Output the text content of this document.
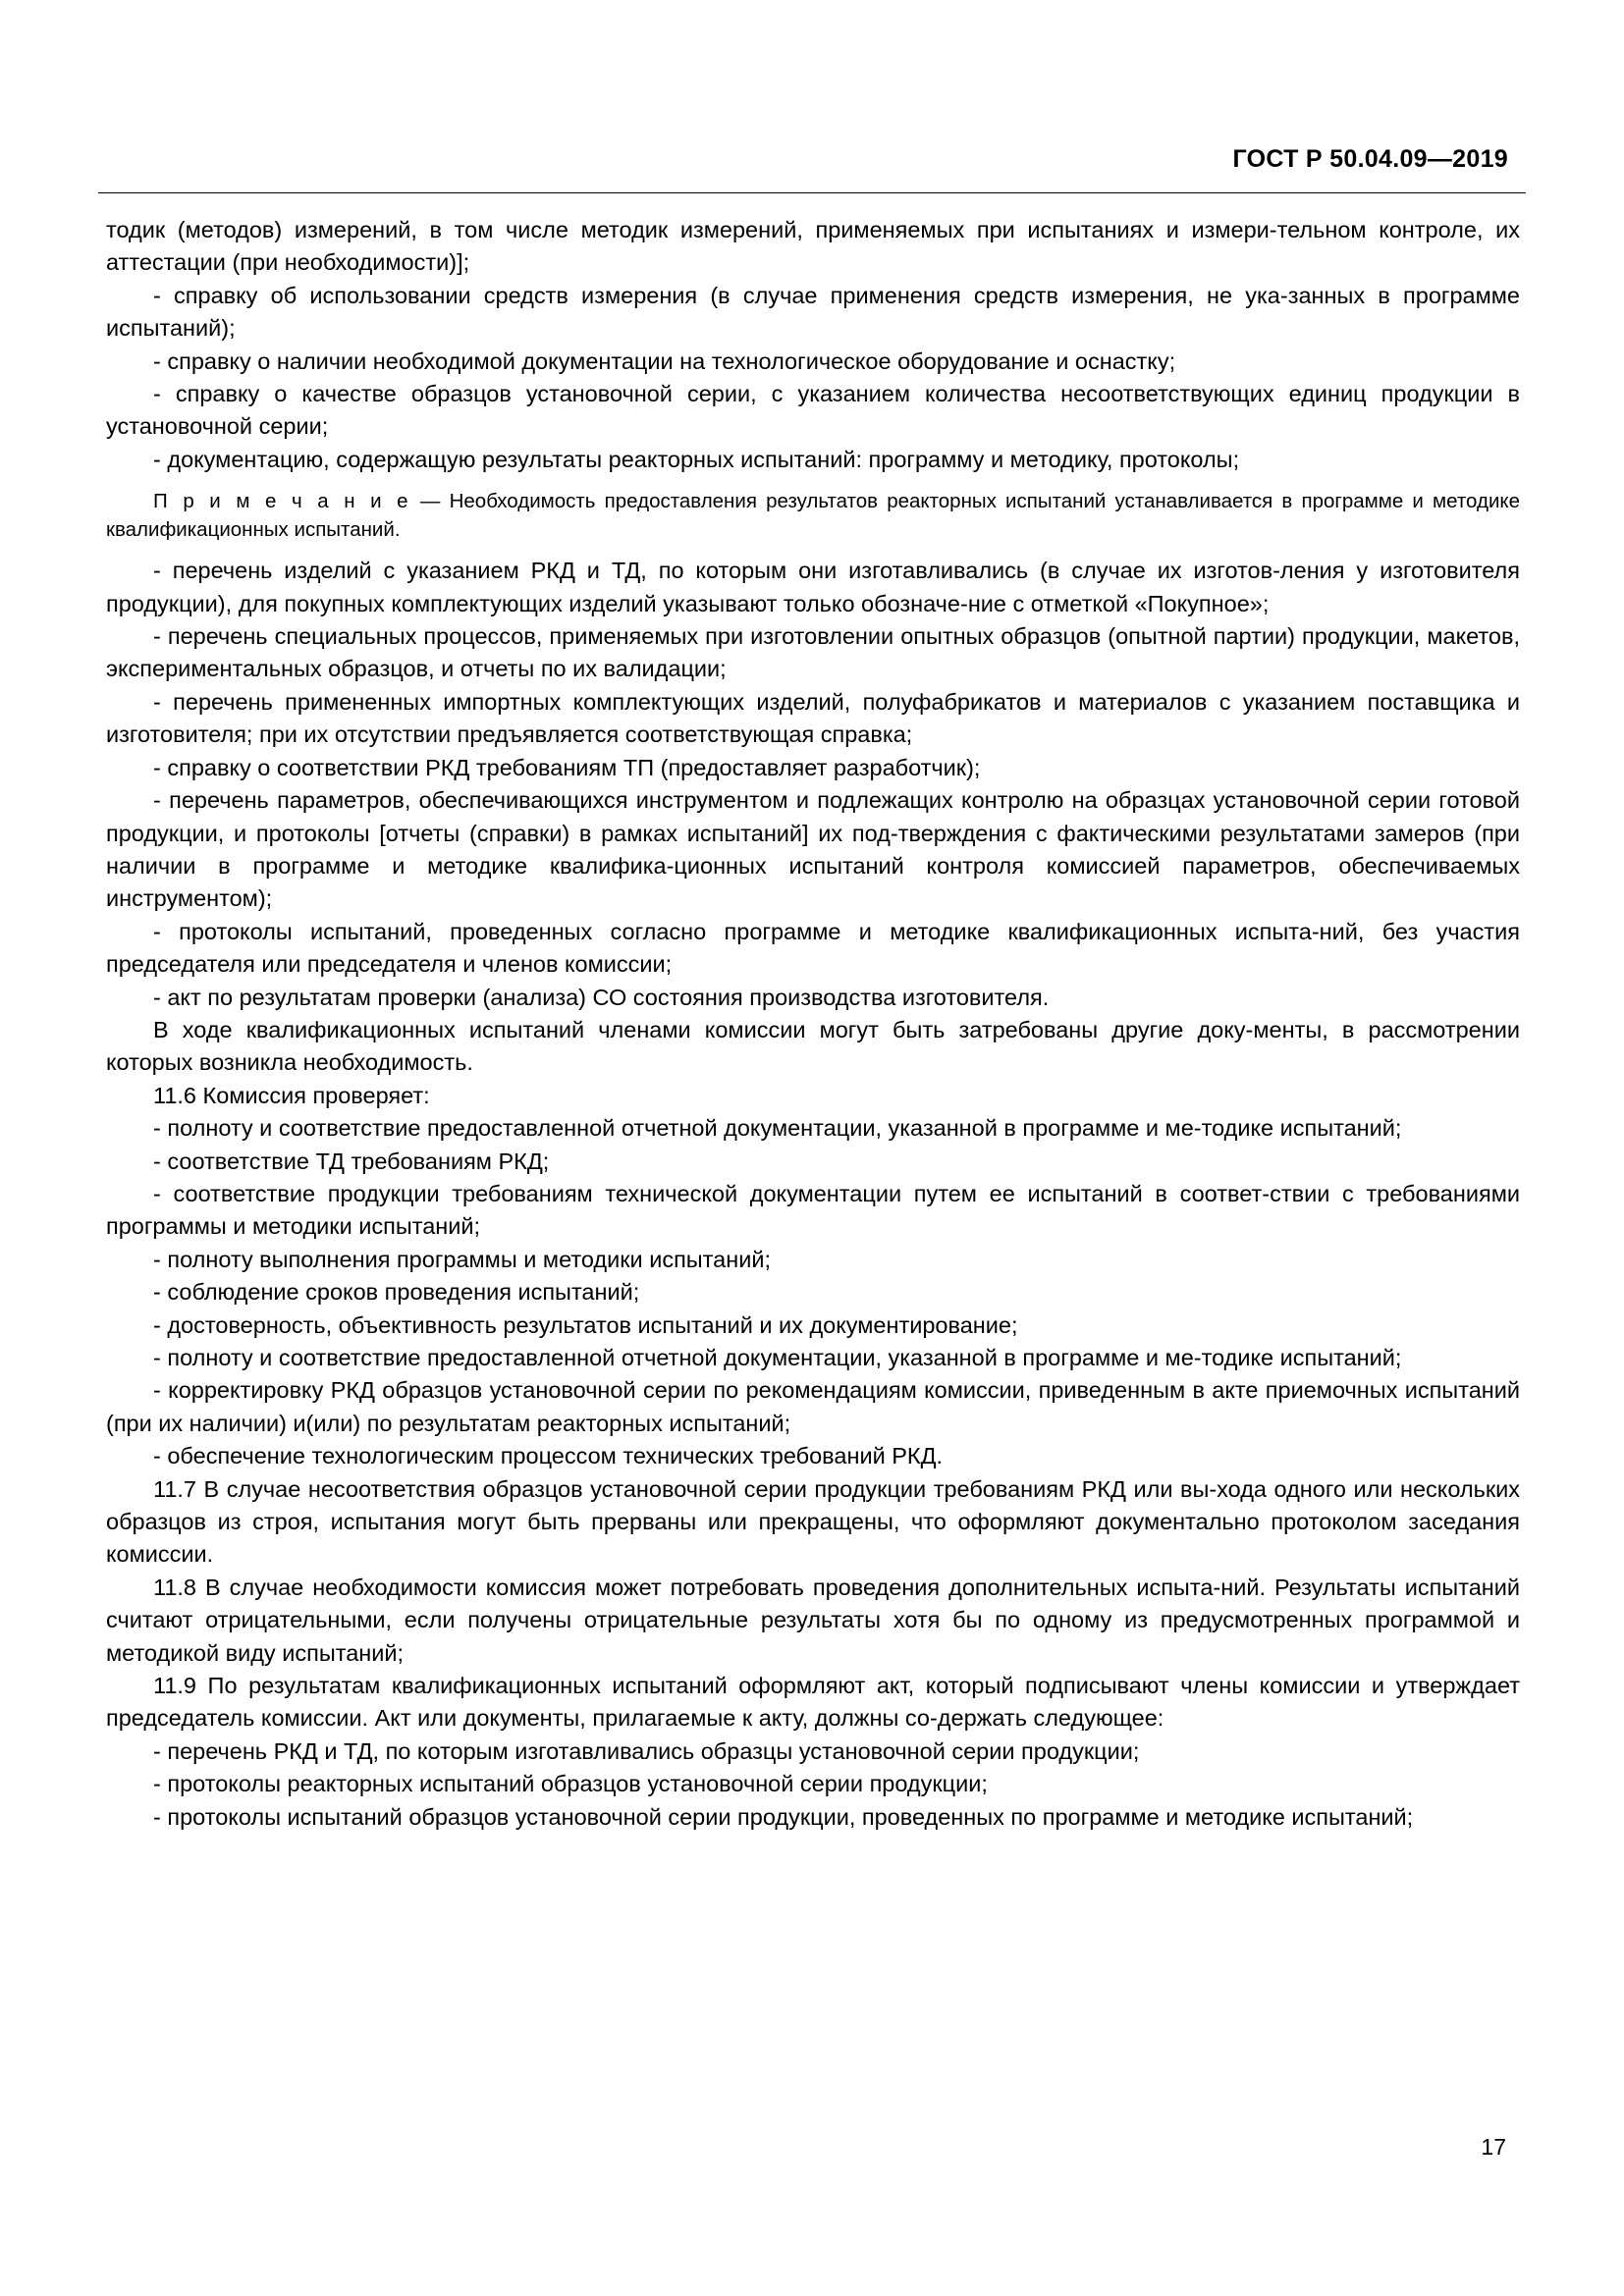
ГОСТ Р 50.04.09—2019

тодик (методов) измерений, в том числе методик измерений, применяемых при испытаниях и измери-тельном контроле, их аттестации (при необходимости)];

- справку об использовании средств измерения (в случае применения средств измерения, не ука-занных в программе испытаний);

- справку о наличии необходимой документации на технологическое оборудование и оснастку;

- справку о качестве образцов установочной серии, с указанием количества несоответствующих единиц продукции в установочной серии;

- документацию, содержащую результаты реакторных испытаний: программу и методику, протоколы;

П р и м е ч а н и е — Необходимость предоставления результатов реакторных испытаний устанавливается в программе и методике квалификационных испытаний.

- перечень изделий с указанием РКД и ТД, по которым они изготавливались (в случае их изготов-ления у изготовителя продукции), для покупных комплектующих изделий указывают только обозначе-ние с отметкой «Покупное»;

- перечень специальных процессов, применяемых при изготовлении опытных образцов (опытной партии) продукции, макетов, экспериментальных образцов, и отчеты по их валидации;

- перечень примененных импортных комплектующих изделий, полуфабрикатов и материалов с указанием поставщика и изготовителя; при их отсутствии предъявляется соответствующая справка;

- справку о соответствии РКД требованиям ТП (предоставляет разработчик);

- перечень параметров, обеспечивающихся инструментом и подлежащих контролю на образцах установочной серии готовой продукции, и протоколы [отчеты (справки) в рамках испытаний] их под-тверждения с фактическими результатами замеров (при наличии в программе и методике квалифика-ционных испытаний контроля комиссией параметров, обеспечиваемых инструментом);

- протоколы испытаний, проведенных согласно программе и методике квалификационных испыта-ний, без участия председателя или председателя и членов комиссии;

- акт по результатам проверки (анализа) СО состояния производства изготовителя.

В ходе квалификационных испытаний членами комиссии могут быть затребованы другие доку-менты, в рассмотрении которых возникла необходимость.

11.6 Комиссия проверяет:

- полноту и соответствие предоставленной отчетной документации, указанной в программе и ме-тодике испытаний;

- соответствие ТД требованиям РКД;

- соответствие продукции требованиям технической документации путем ее испытаний в соответ-ствии с требованиями программы и методики испытаний;

- полноту выполнения программы и методики испытаний;

- соблюдение сроков проведения испытаний;

- достоверность, объективность результатов испытаний и их документирование;

- полноту и соответствие предоставленной отчетной документации, указанной в программе и ме-тодике испытаний;

- корректировку РКД образцов установочной серии по рекомендациям комиссии, приведенным в акте приемочных испытаний (при их наличии) и(или) по результатам реакторных испытаний;

- обеспечение технологическим процессом технических требований РКД.

11.7 В случае несоответствия образцов установочной серии продукции требованиям РКД или вы-хода одного или нескольких образцов из строя, испытания могут быть прерваны или прекращены, что оформляют документально протоколом заседания комиссии.

11.8 В случае необходимости комиссия может потребовать проведения дополнительных испыта-ний. Результаты испытаний считают отрицательными, если получены отрицательные результаты хотя бы по одному из предусмотренных программой и методикой виду испытаний;

11.9 По результатам квалификационных испытаний оформляют акт, который подписывают члены комиссии и утверждает председатель комиссии. Акт или документы, прилагаемые к акту, должны со-держать следующее:

- перечень РКД и ТД, по которым изготавливались образцы установочной серии продукции;

- протоколы реакторных испытаний образцов установочной серии продукции;

- протоколы испытаний образцов установочной серии продукции, проведенных по программе и методике испытаний;

17
